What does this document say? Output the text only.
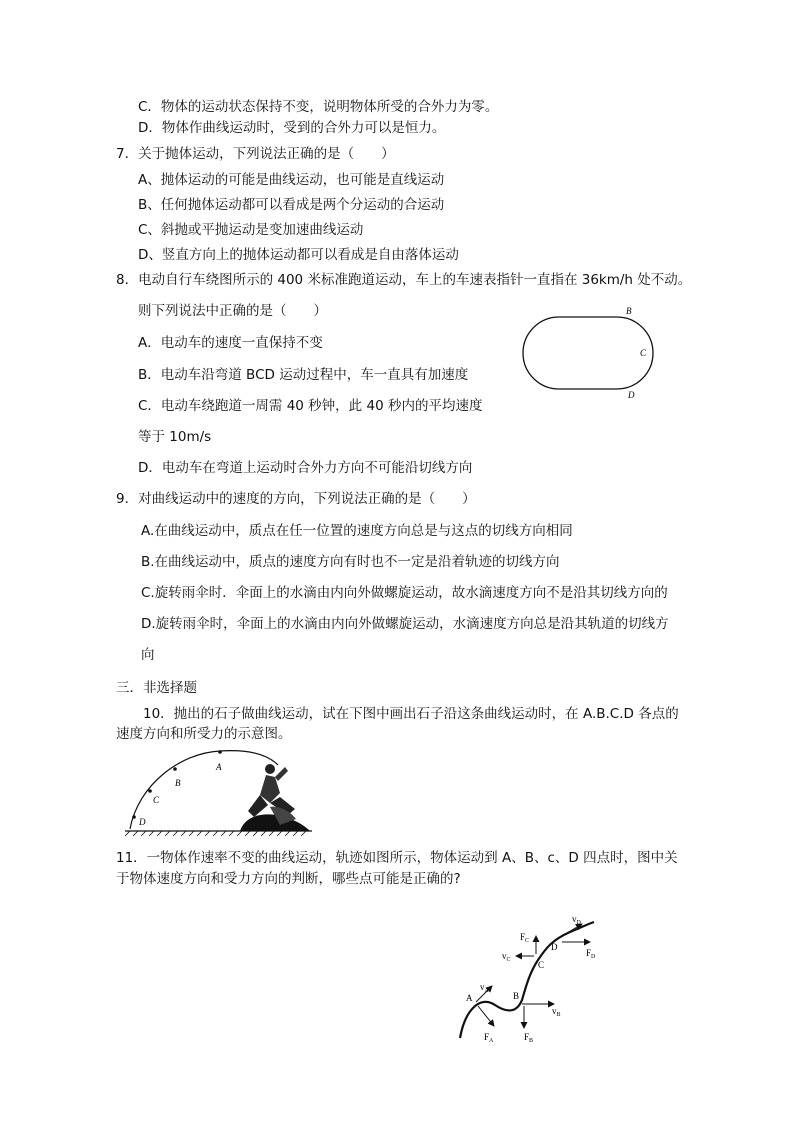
C．物体的运动状态保持不变，说明物体所受的合外力为零。
D．物体作曲线运动时，受到的合外力可以是恒力。
7．关于抛体运动，下列说法正确的是（　　）
A、抛体运动的可能是曲线运动，也可能是直线运动
B、任何抛体运动都可以看成是两个分运动的合运动
C、斜抛或平抛运动是变加速曲线运动
D、竖直方向上的抛体运动都可以看成是自由落体运动
8．电动自行车绕图所示的 400 米标准跑道运动，车上的车速表指针一直指在 36km/h 处不动。
则下列说法中正确的是（　　）
A．电动车的速度一直保持不变
B．电动车沿弯道 BCD 运动过程中，车一直具有加速度
C．电动车绕跑道一周需 40 秒钟，此 40 秒内的平均速度
等于 10m/s
D．电动车在弯道上运动时合外力方向不可能沿切线方向
B
C
D
9．对曲线运动中的速度的方向，下列说法正确的是（　　）
A.在曲线运动中，质点在任一位置的速度方向总是与这点的切线方向相同
B.在曲线运动中，质点的速度方向有时也不一定是沿着轨迹的切线方向
C.旋转雨伞时．伞面上的水滴由内向外做螺旋运动，故水滴速度方向不是沿其切线方向的
D.旋转雨伞时，伞面上的水滴由内向外做螺旋运动，水滴速度方向总是沿其轨道的切线方
向
三．非选择题
10．抛出的石子做曲线运动，试在下图中画出石子沿这条曲线运动时，在 A.B.C.D 各点的
速度方向和所受力的示意图。
A
B
C
D
11．一物体作速率不变的曲线运动，轨迹如图所示，物体运动到 A、B、c、D 四点时，图中关
于物体速度方向和受力方向的判断，哪些点可能是正确的?
A
$v_A$
$F_A$
B
$v_B$
$F_B$
C
$v_C$
$F_C$
D
$v_D$
$F_D$
